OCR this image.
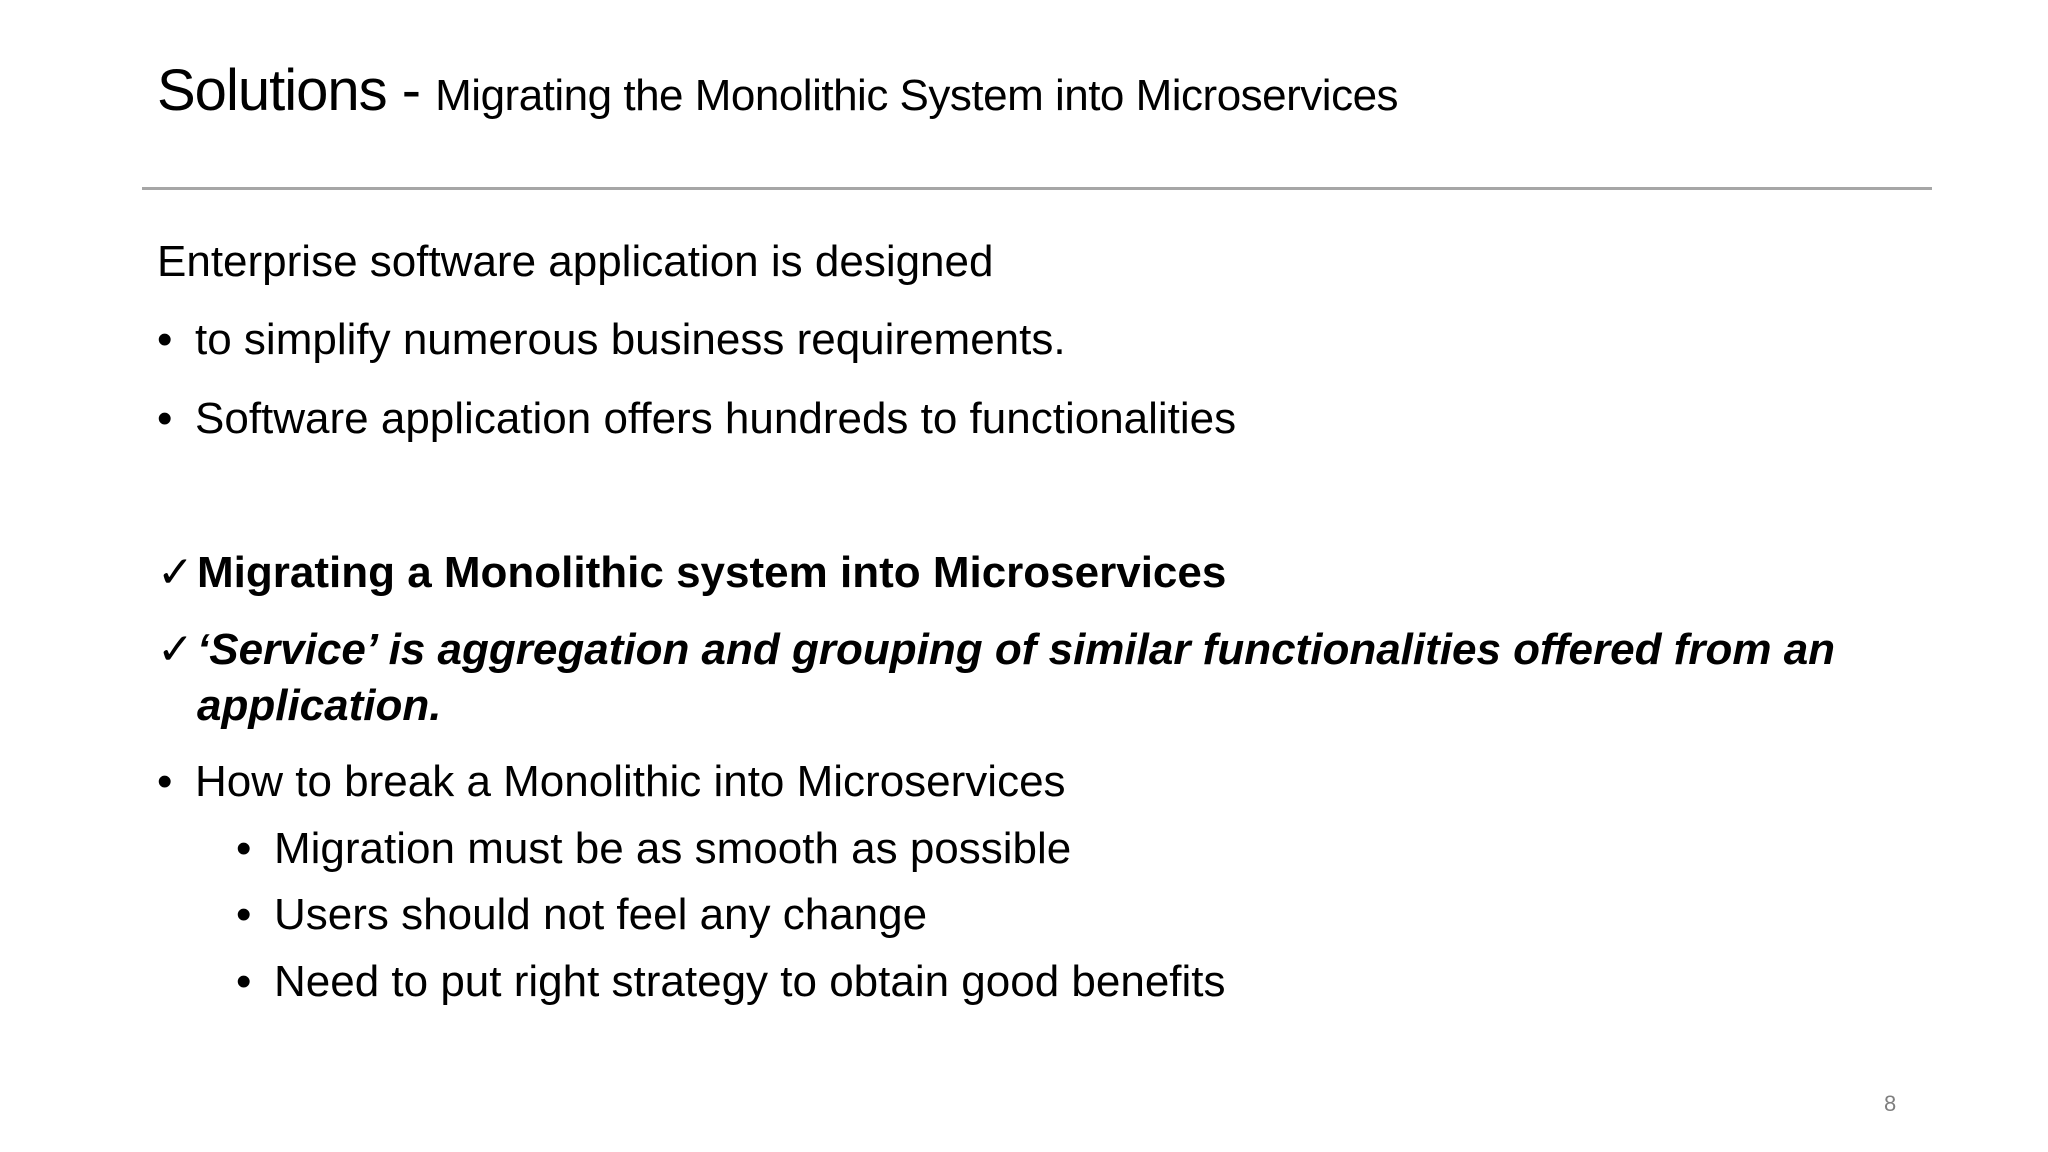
Solutions - Migrating the Monolithic System into Microservices
Enterprise software application is designed
• to simplify numerous business requirements.
• Software application offers hundreds to functionalities
✓Migrating a Monolithic system into Microservices
✓‘Service’ is aggregation and grouping of similar functionalities offered from an
application.
• How to break a Monolithic into Microservices
• Migration must be as smooth as possible
• Users should not feel any change
• Need to put right strategy to obtain good benefits
8
